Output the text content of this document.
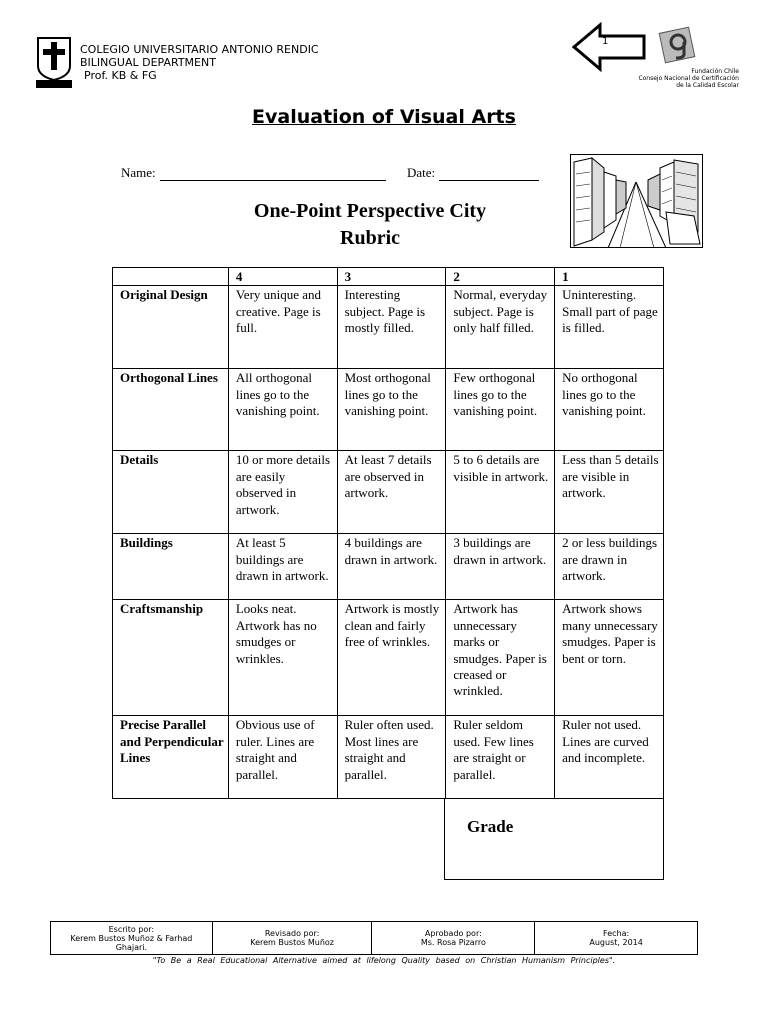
COLEGIO UNIVERSITARIO ANTONIO RENDIC
BILINGUAL DEPARTMENT
Prof. KB & FG
1
Fundación Chile
Consejo Nacional de Certificación
de la Calidad Escolar
Evaluation of Visual Arts
Name:	Date:
One-Point Perspective City
Rubric
	4	3	2	1
Original Design	Very unique and creative. Page is full.	Interesting subject. Page is mostly filled.	Normal, everyday subject. Page is only half filled.	Uninteresting. Small part of page is filled.
Orthogonal Lines	All orthogonal lines go to the vanishing point.	Most orthogonal lines go to the vanishing point.	Few orthogonal lines go to the vanishing point.	No orthogonal lines go to the vanishing point.
Details	10 or more details are easily observed in artwork.	At least 7 details are observed in artwork.	5 to 6 details are visible in artwork.	Less than 5 details are visible in artwork.
Buildings	At least 5 buildings are drawn in artwork.	4 buildings are drawn in artwork.	3 buildings are drawn in artwork.	2 or less buildings are drawn in artwork.
Craftsmanship	Looks neat. Artwork has no smudges or wrinkles.	Artwork is mostly clean and fairly free of wrinkles.	Artwork has unnecessary marks or smudges. Paper is creased or wrinkled.	Artwork shows many unnecessary smudges. Paper is bent or torn.
Precise Parallel and Perpendicular Lines	Obvious use of ruler. Lines are straight and parallel.	Ruler often used. Most lines are straight and parallel.	Ruler seldom used. Few lines are straight or parallel.	Ruler not used. Lines are curved and incomplete.
Grade
Escrito por:
Kerem Bustos Muñoz & Farhad Ghajari.

Revisado por:
Kerem Bustos Muñoz

Aprobado por:
Ms. Rosa Pizarro

Fecha:
August, 2014
"To Be a Real Educational Alternative aimed at lifelong Quality based on Christian Humanism Principles".
